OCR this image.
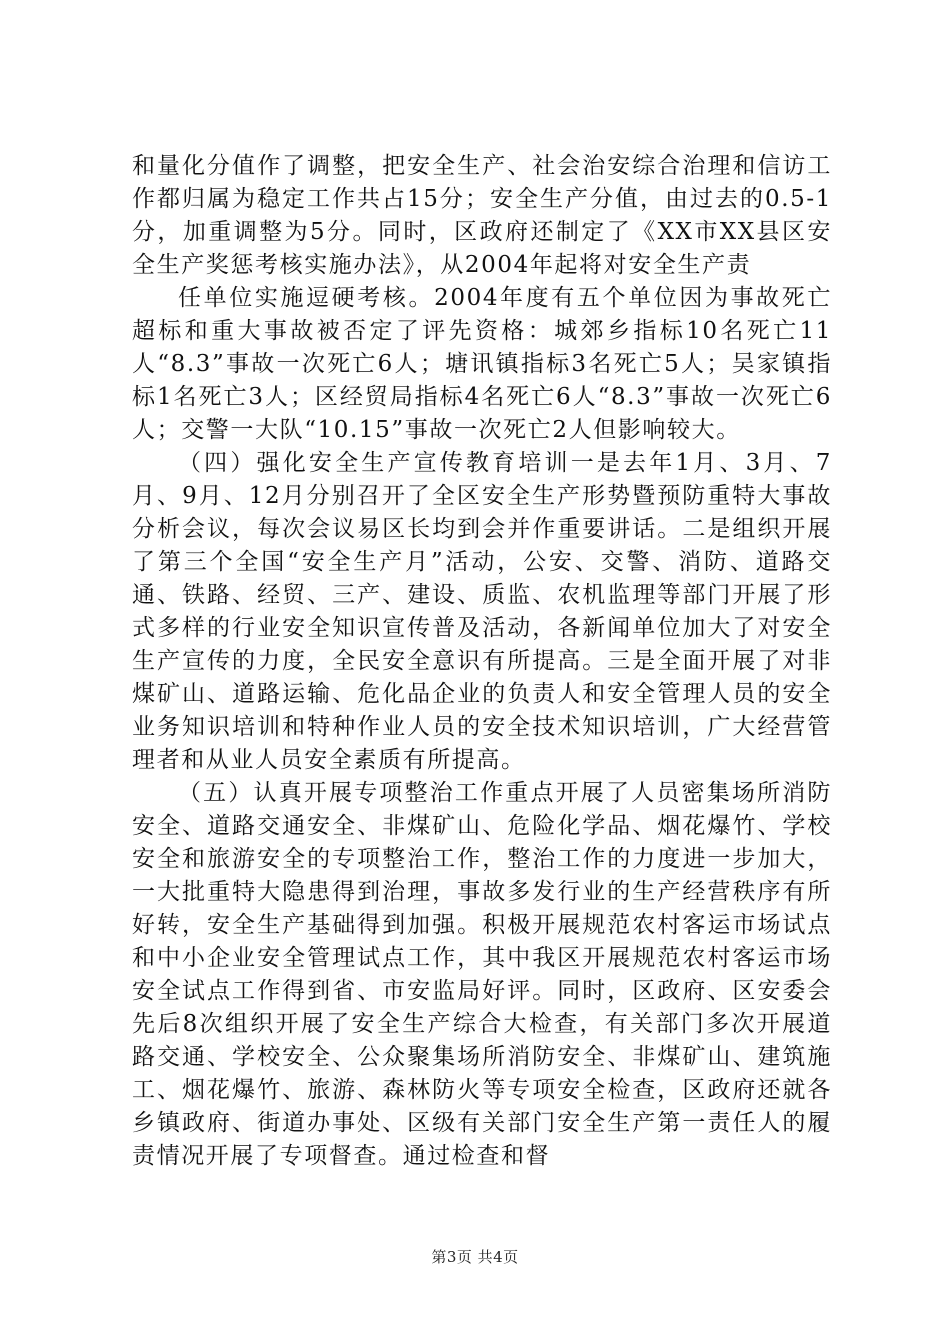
和量化分值作了调整，把安全生产、社会治安综合治理和信访工作都归属为稳定工作共占15分；安全生产分值，由过去的0.5-1分，加重调整为5分。同时，区政府还制定了《XX市XX县区安全生产奖惩考核实施办法》，从2004年起将对安全生产责

任单位实施逗硬考核。2004年度有五个单位因为事故死亡超标和重大事故被否定了评先资格：城郊乡指标10名死亡11人“8.3”事故一次死亡6人；塘讯镇指标3名死亡5人；吴家镇指标1名死亡3人；区经贸局指标4名死亡6人“8.3”事故一次死亡6人；交警一大队“10.15”事故一次死亡2人但影响较大。

（四）强化安全生产宣传教育培训一是去年1月、3月、7月、9月、12月分别召开了全区安全生产形势暨预防重特大事故分析会议，每次会议易区长均到会并作重要讲话。二是组织开展了第三个全国“安全生产月”活动，公安、交警、消防、道路交通、铁路、经贸、三产、建设、质监、农机监理等部门开展了形式多样的行业安全知识宣传普及活动，各新闻单位加大了对安全生产宣传的力度，全民安全意识有所提高。三是全面开展了对非煤矿山、道路运输、危化品企业的负责人和安全管理人员的安全业务知识培训和特种作业人员的安全技术知识培训，广大经营管理者和从业人员安全素质有所提高。

（五）认真开展专项整治工作重点开展了人员密集场所消防安全、道路交通安全、非煤矿山、危险化学品、烟花爆竹、学校安全和旅游安全的专项整治工作，整治工作的力度进一步加大，一大批重特大隐患得到治理，事故多发行业的生产经营秩序有所好转，安全生产基础得到加强。积极开展规范农村客运市场试点和中小企业安全管理试点工作，其中我区开展规范农村客运市场安全试点工作得到省、市安监局好评。同时，区政府、区安委会先后8次组织开展了安全生产综合大检查，有关部门多次开展道路交通、学校安全、公众聚集场所消防安全、非煤矿山、建筑施工、烟花爆竹、旅游、森林防火等专项安全检查，区政府还就各乡镇政府、街道办事处、区级有关部门安全生产第一责任人的履责情况开展了专项督查。通过检查和督

第3页 共4页
